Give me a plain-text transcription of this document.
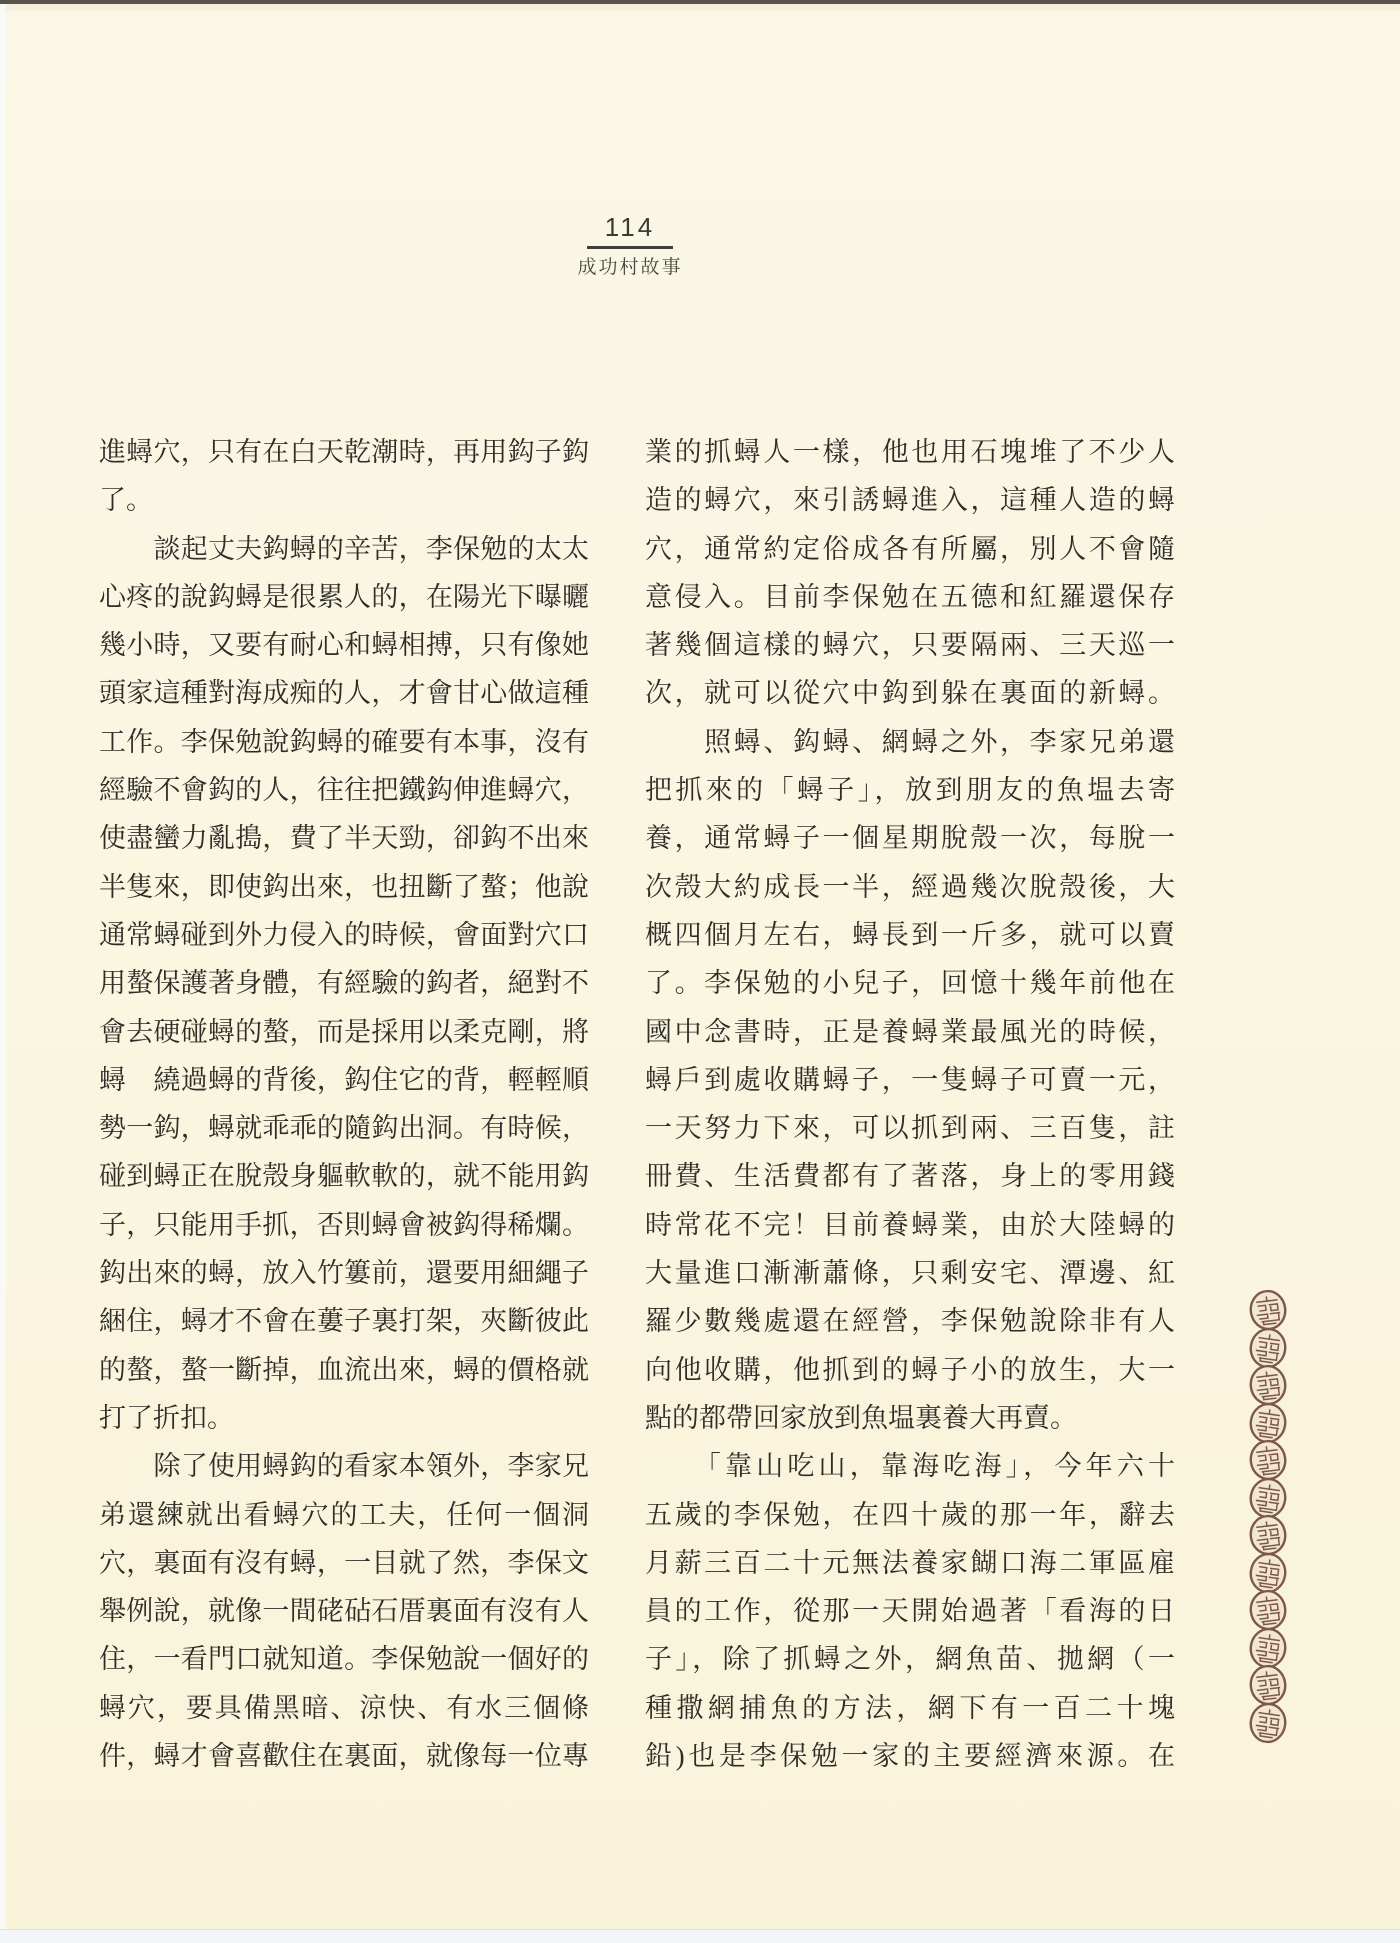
114
成功村故事

進蟳穴，只有在白天乾潮時，再用鈎子鈎

了。

　　談起丈夫鈎蟳的辛苦，李保勉的太太

心疼的說鈎蟳是很累人的，在陽光下曝曬

幾小時，又要有耐心和蟳相搏，只有像她

頭家這種對海成痴的人，才會甘心做這種

工作。李保勉說鈎蟳的確要有本事，沒有

經驗不會鈎的人，往往把鐵鈎伸進蟳穴，

使盡蠻力亂搗，費了半天勁，卻鈎不出來

半隻來，即使鈎出來，也扭斷了螯；他說

通常蟳碰到外力侵入的時候，會面對穴口

用螯保護著身體，有經驗的鈎者，絕對不

會去硬碰蟳的螯，而是採用以柔克剛，將

蟳　繞過蟳的背後，鈎住它的背，輕輕順

勢一鈎，蟳就乖乖的隨鈎出洞。有時候，

碰到蟳正在脫殼身軀軟軟的，就不能用鈎

子，只能用手抓，否則蟳會被鈎得稀爛。

鈎出來的蟳，放入竹簍前，還要用細繩子

綑住，蟳才不會在蔞子裏打架，夾斷彼此

的螯，螯一斷掉，血流出來，蟳的價格就

打了折扣。

　　除了使用蟳鈎的看家本領外，李家兄

弟還練就出看蟳穴的工夫，任何一個洞

穴，裏面有沒有蟳，一目就了然，李保文

舉例說，就像一間硓砧石厝裏面有沒有人

住，一看門口就知道。李保勉說一個好的

蟳穴，要具備黑暗、涼快、有水三個條

件，蟳才會喜歡住在裏面，就像每一位專

業的抓蟳人一樣，他也用石塊堆了不少人

造的蟳穴，來引誘蟳進入，這種人造的蟳

穴，通常約定俗成各有所屬，別人不會隨

意侵入。目前李保勉在五德和紅羅還保存

著幾個這樣的蟳穴，只要隔兩、三天巡一

次，就可以從穴中鈎到躲在裏面的新蟳。

　　照蟳、鈎蟳、網蟳之外，李家兄弟還

把抓來的「蟳子」，放到朋友的魚塭去寄

養，通常蟳子一個星期脫殼一次，每脫一

次殼大約成長一半，經過幾次脫殼後，大

概四個月左右，蟳長到一斤多，就可以賣

了。李保勉的小兒子，回憶十幾年前他在

國中念書時，正是養蟳業最風光的時候，

蟳戶到處收購蟳子，一隻蟳子可賣一元，

一天努力下來，可以抓到兩、三百隻，註

冊費、生活費都有了著落，身上的零用錢

時常花不完！目前養蟳業，由於大陸蟳的

大量進口漸漸蕭條，只剩安宅、潭邊、紅

羅少數幾處還在經營，李保勉說除非有人

向他收購，他抓到的蟳子小的放生，大一

點的都帶回家放到魚塭裏養大再賣。

　　「靠山吃山，靠海吃海」，今年六十

五歲的李保勉，在四十歲的那一年，辭去

月薪三百二十元無法養家餬口海二軍區雇

員的工作，從那一天開始過著「看海的日

子」，除了抓蟳之外，網魚苗、拋網（一

種撒網捕魚的方法，網下有一百二十塊

鉛)也是李保勉一家的主要經濟來源。在
